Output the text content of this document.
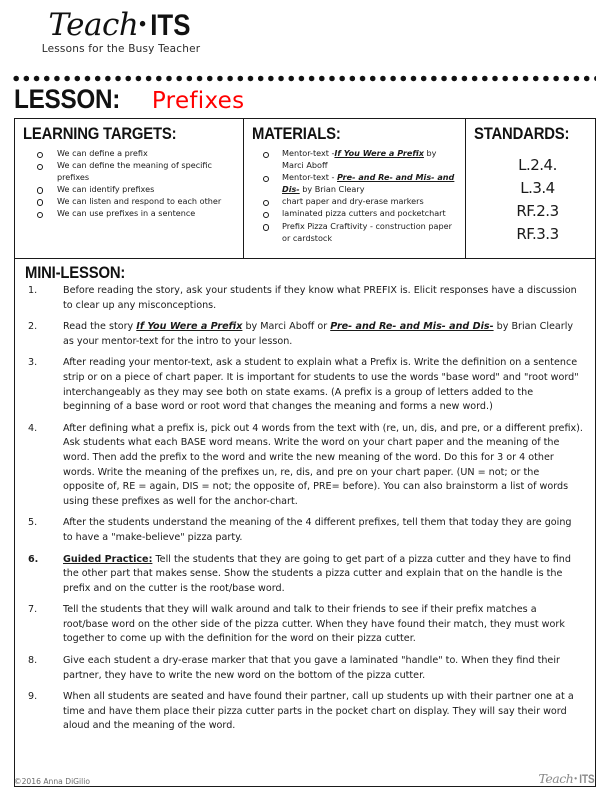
Teach• ITS
Lessons for the Busy Teacher
LESSON: Prefixes
LEARNING TARGETS:
We can define a prefix
We can define the meaning of specific prefixes
We can identify prefixes
We can listen and respond to each other
We can use prefixes in a sentence
MATERIALS:
Mentor-text -If You Were a Prefix by Marci Aboff
Mentor-text - Pre- and Re- and Mis- and Dis- by Brian Cleary
chart paper and dry-erase markers
laminated pizza cutters and pocketchart
Prefix Pizza Craftivity - construction paper or cardstock
STANDARDS:
L.2.4.
L.3.4
RF.2.3
RF.3.3
MINI-LESSON:
1.	Before reading the story, ask your students if they know what PREFIX is. Elicit responses have a discussion to clear up any misconceptions.
2.	Read the story If You Were a Prefix by Marci Aboff or Pre- and Re- and Mis- and Dis- by Brian Clearly as your mentor-text for the intro to your lesson.
3.	After reading your mentor-text, ask a student to explain what a Prefix is. Write the definition on a sentence strip or on a piece of chart paper. It is important for students to use the words "base word" and "root word" interchangeably as they may see both on state exams. (A prefix is a group of letters added to the beginning of a base word or root word that changes the meaning and forms a new word.)
4.	After defining what a prefix is, pick out 4 words from the text with (re, un, dis, and pre, or a different prefix). Ask students what each BASE word means. Write the word on your chart paper and the meaning of the word. Then add the prefix to the word and write the new meaning of the word. Do this for 3 or 4 other words. Write the meaning of the prefixes un, re, dis, and pre on your chart paper. (UN = not; or the opposite of, RE = again, DIS = not; the opposite of, PRE= before). You can also brainstorm a list of words using these prefixes as well for the anchor-chart.
5.	After the students understand the meaning of the 4 different prefixes, tell them that today they are going to have a "make-believe" pizza party.
6.	Guided Practice: Tell the students that they are going to get part of a pizza cutter and they have to find the other part that makes sense. Show the students a pizza cutter and explain that on the handle is the prefix and on the cutter is the root/base word.
7.	Tell the students that they will walk around and talk to their friends to see if their prefix matches a root/base word on the other side of the pizza cutter. When they have found their match, they must work together to come up with the definition for the word on their pizza cutter.
8.	Give each student a dry-erase marker that that you gave a laminated "handle" to. When they find their partner, they have to write the new word on the bottom of the pizza cutter.
9.	When all students are seated and have found their partner, call up students up with their partner one at a time and have them place their pizza cutter parts in the pocket chart on display. They will say their word aloud and the meaning of the word.
©2016 Anna DiGilio	Teach• ITS
